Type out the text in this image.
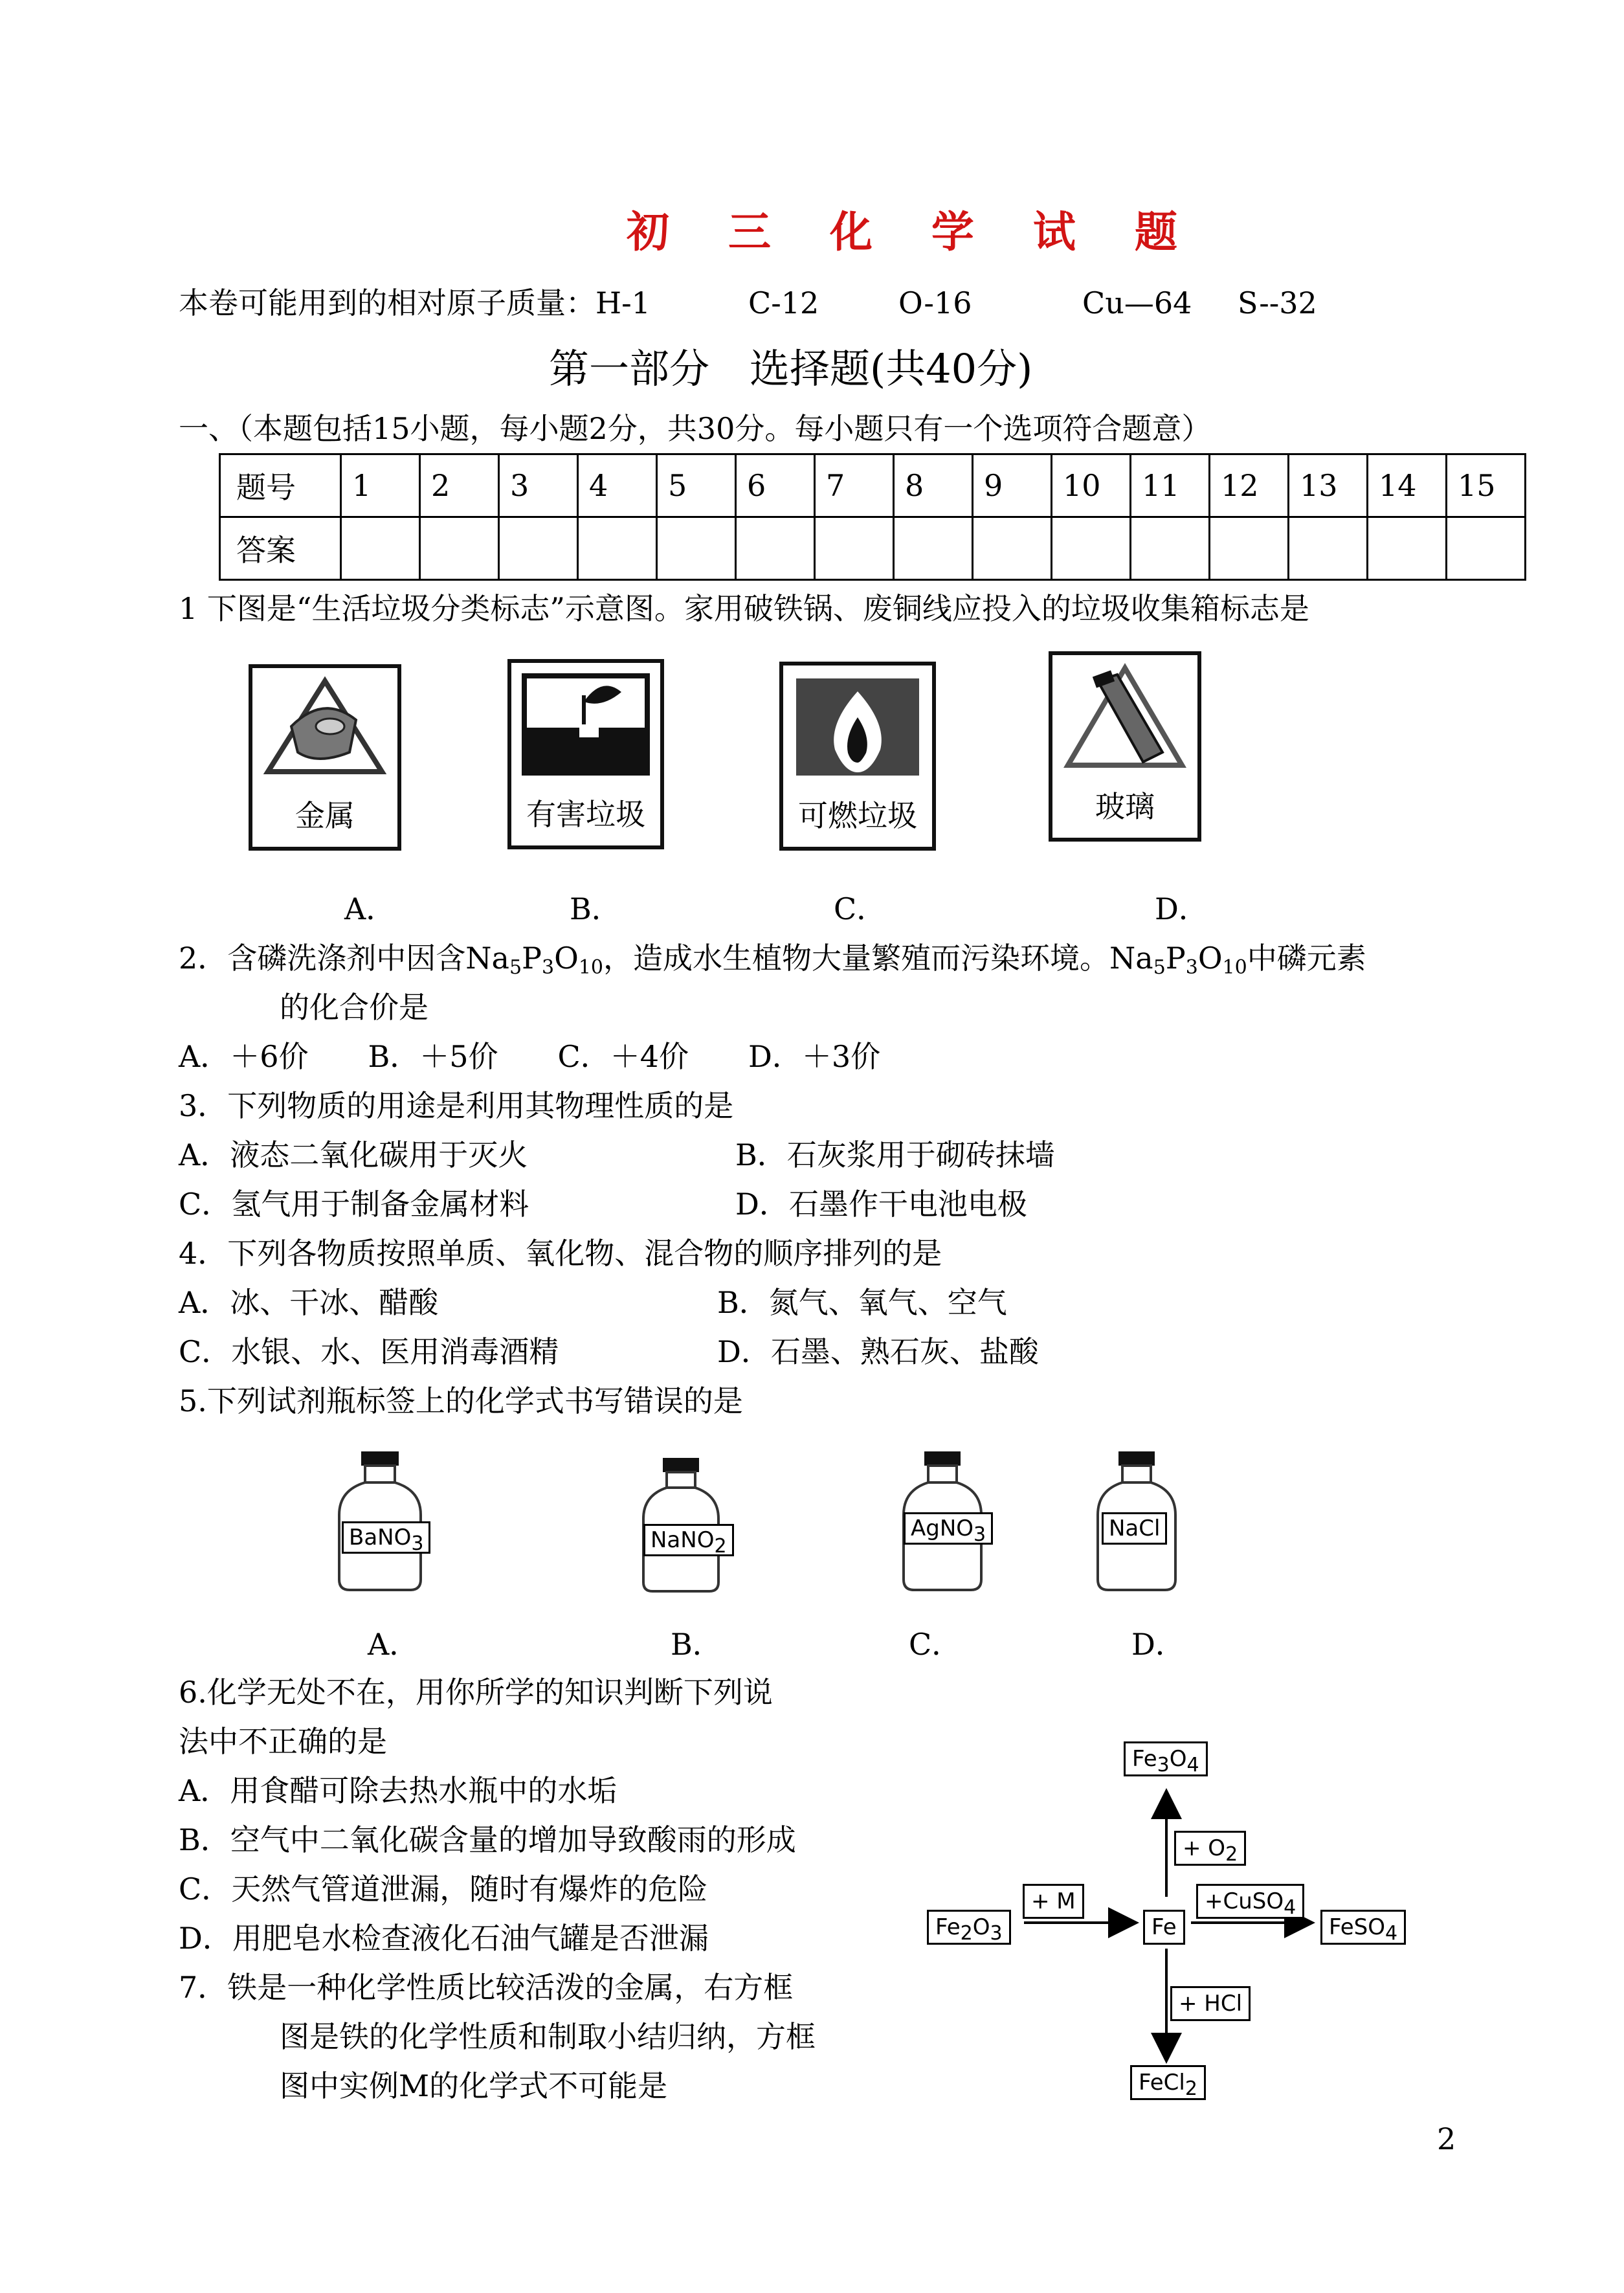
初 三 化 学 试 题
本卷可能用到的相对原子质量：H-1	C-12	O-16	Cu—64 S--32
第一部分　选择题(共40分)
一、（本题包括15小题，每小题2分，共30分。每小题只有一个选项符合题意）
题号	1	2	3	4	5	6	7	8	9	10	11	12	13	14	15
答案															
1 下图是“生活垃圾分类标志”示意图。家用破铁锅、废铜线应投入的垃圾收集箱标志是
金属	有害垃圾	可燃垃圾	玻璃
A．	B．	C．	D．
2．含磷洗涤剂中因含$Na_5P_3O_{10}$，造成水生植物大量繁殖而污染环境。$Na_5P_3O_{10}$中磷元素
的化合价是
A．＋6价　　B．＋5价　　C．＋4价　　D．＋3价
3．下列物质的用途是利用其物理性质的是
A．液态二氧化碳用于灭火	B．石灰浆用于砌砖抹墙
C．氢气用于制备金属材料	D．石墨作干电池电极
4．下列各物质按照单质、氧化物、混合物的顺序排列的是
A．冰、干冰、醋酸	B．氮气、氧气、空气
C．水银、水、医用消毒酒精	D．石墨、熟石灰、盐酸
5.下列试剂瓶标签上的化学式书写错误的是
BaNO$_3$	NaNO$_2$
AgNO$_3$	NaCl
A．	B．	C．	D．
6.化学无处不在，用你所学的知识判断下列说
法中不正确的是
A．用食醋可除去热水瓶中的水垢
B．空气中二氧化碳含量的增加导致酸雨的形成
C．天然气管道泄漏，随时有爆炸的危险
D．用肥皂水检查液化石油气罐是否泄漏
7．铁是一种化学性质比较活泼的金属，右方框
图是铁的化学性质和制取小结归纳，方框
图中实例M的化学式不可能是
$Fe_3O_4$
+ $O_2$
+ M	+CuSO$_4$
$Fe_2O_3$	Fe	FeSO$_4$
+ HCl
FeCl$_2$
2
